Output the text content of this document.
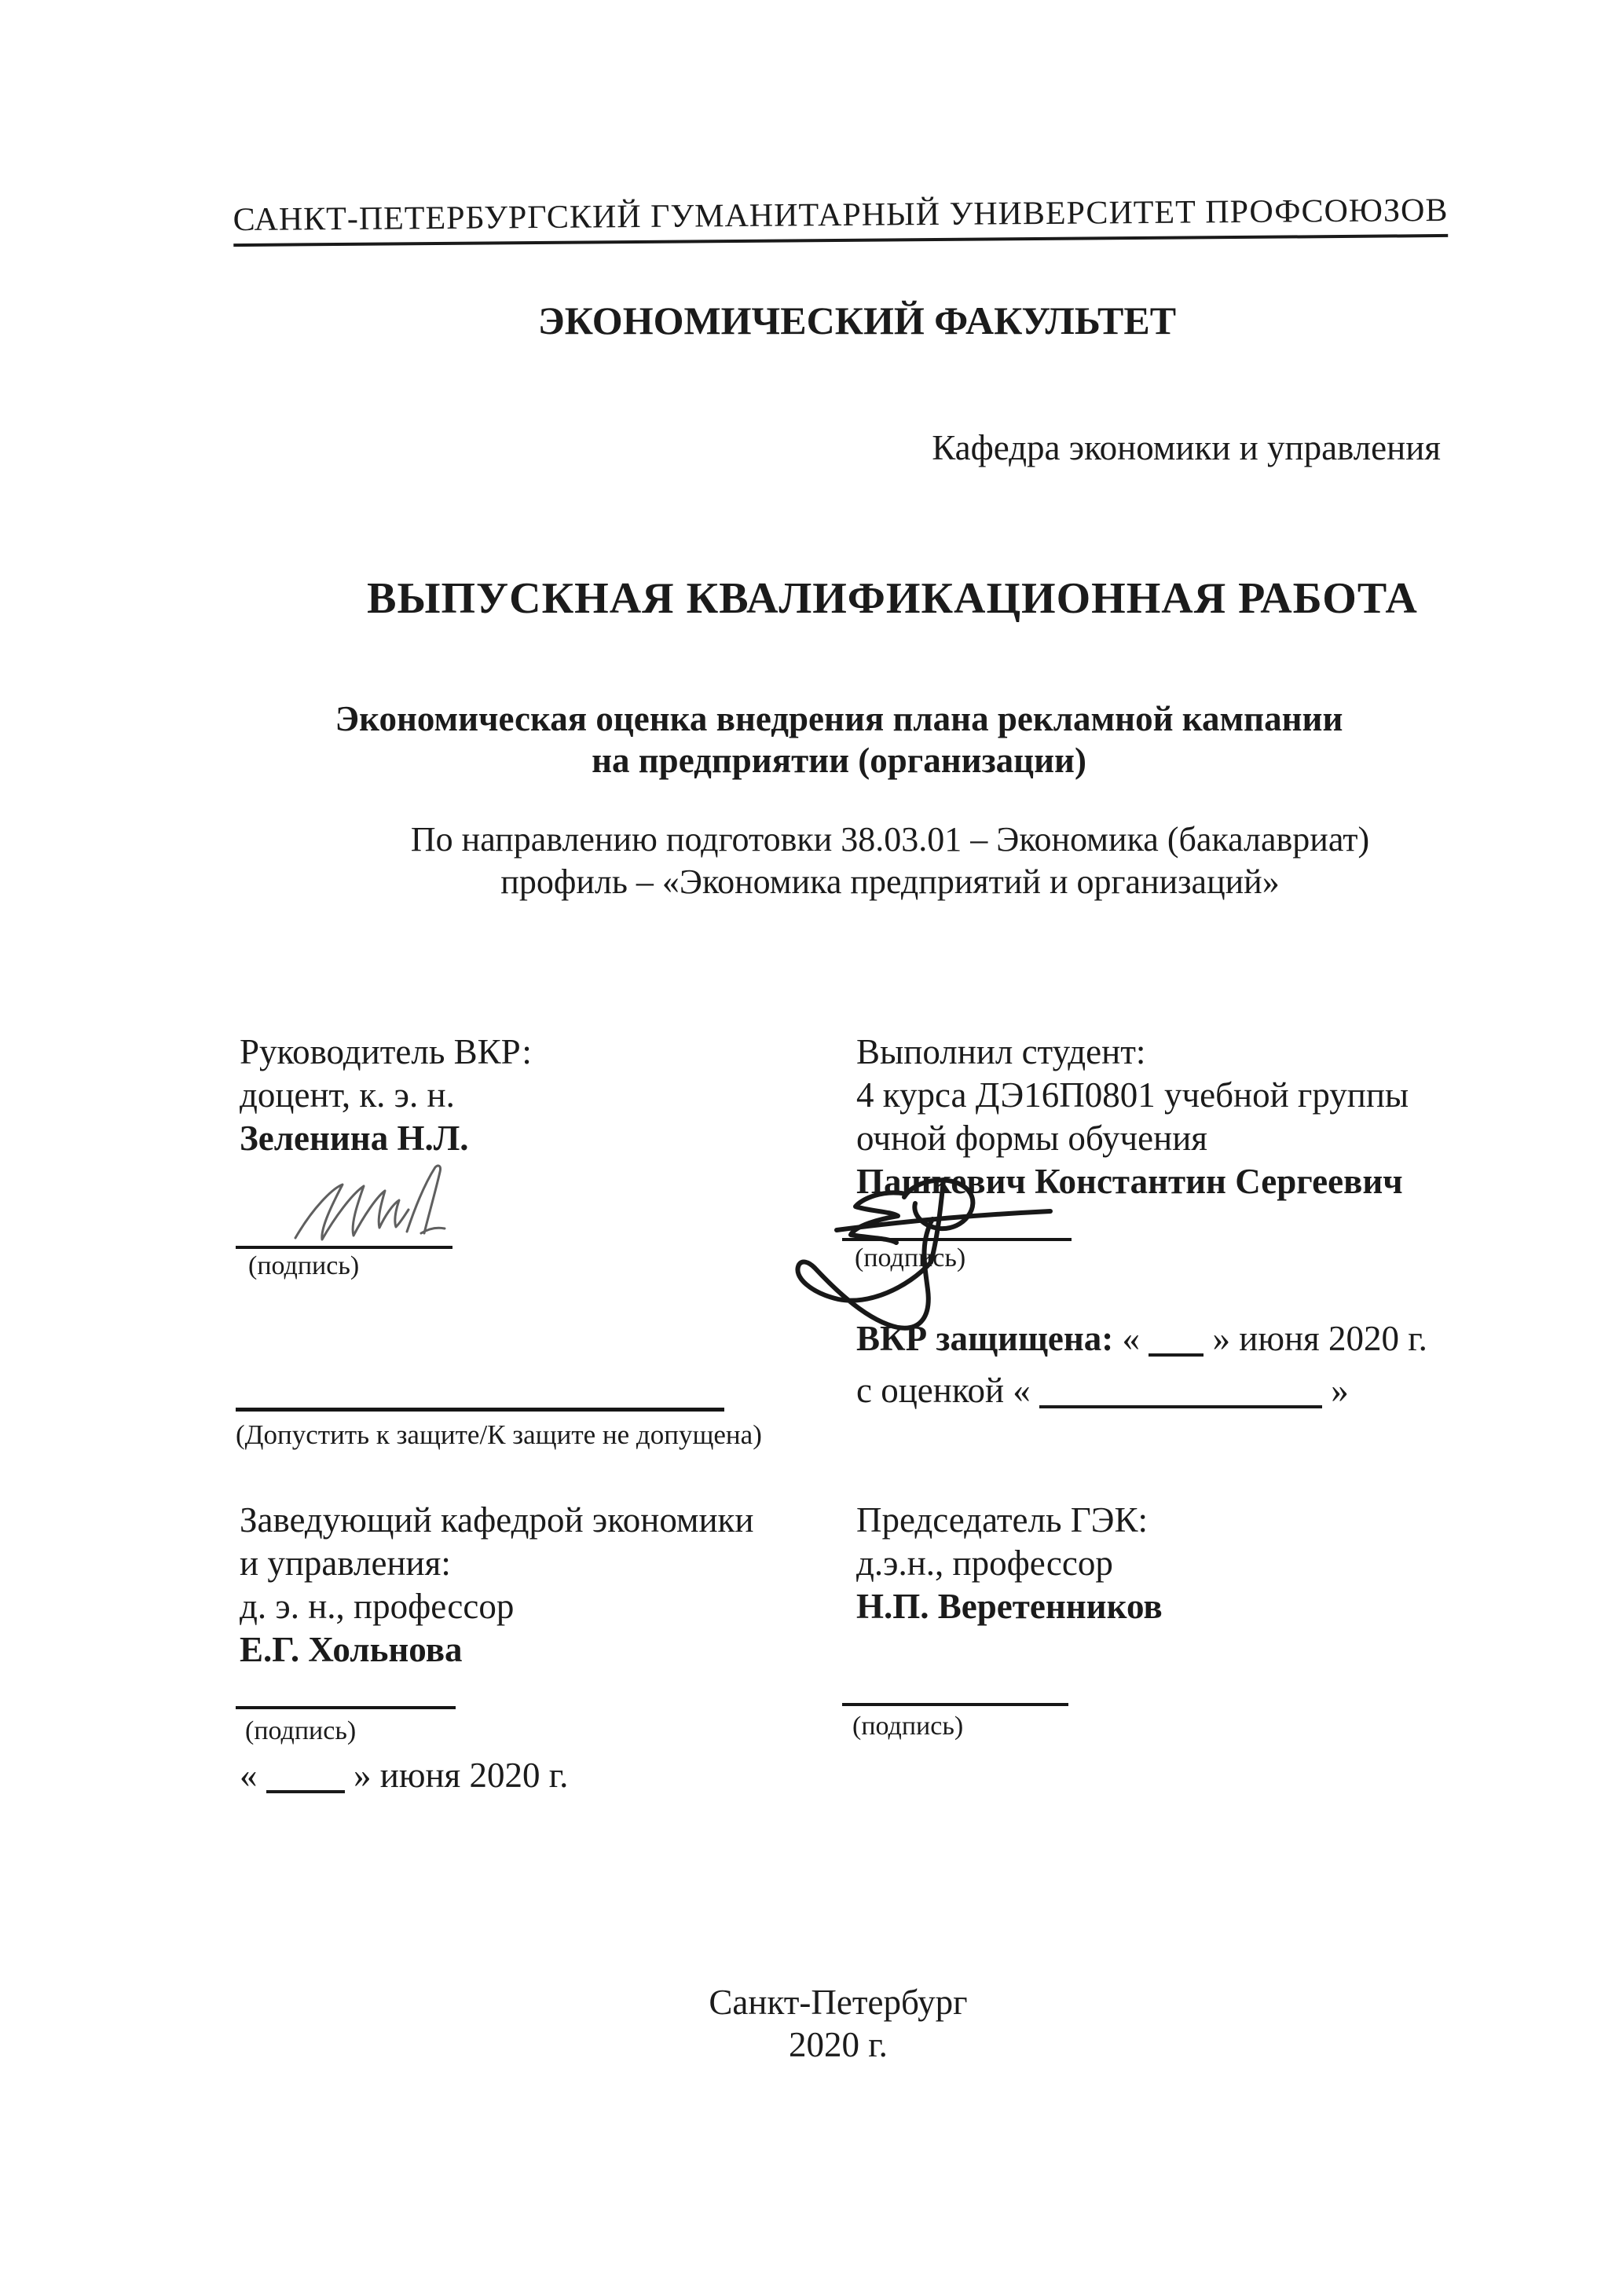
САНКТ-ПЕТЕРБУРГСКИЙ ГУМАНИТАРНЫЙ УНИВЕРСИТЕТ ПРОФСОЮЗОВ
ЭКОНОМИЧЕСКИЙ ФАКУЛЬТЕТ
Кафедра экономики и управления
ВЫПУСКНАЯ КВАЛИФИКАЦИОННАЯ РАБОТА
Экономическая оценка внедрения плана рекламной кампании
на предприятии (организации)
По направлению подготовки 38.03.01 – Экономика (бакалавриат)
профиль – «Экономика предприятий и организаций»
Руководитель ВКР:
доцент, к. э. н.
Зеленина Н.Л.
Выполнил студент:
4 курса ДЭ16П0801 учебной группы
очной формы обучения
Пашкевич Константин Сергеевич
(подпись)	(подпись)
ВКР защищена: « » июня 2020 г.
с оценкой «	»
(Допустить к защите/К защите не допущена)
Заведующий кафедрой экономики
и управления:
д. э. н., профессор
Е.Г. Хольнова
Председатель ГЭК:
д.э.н., профессор
Н.П. Веретенников
(подпись)
«	» июня 2020 г.
(подпись)
Санкт-Петербург
2020 г.
